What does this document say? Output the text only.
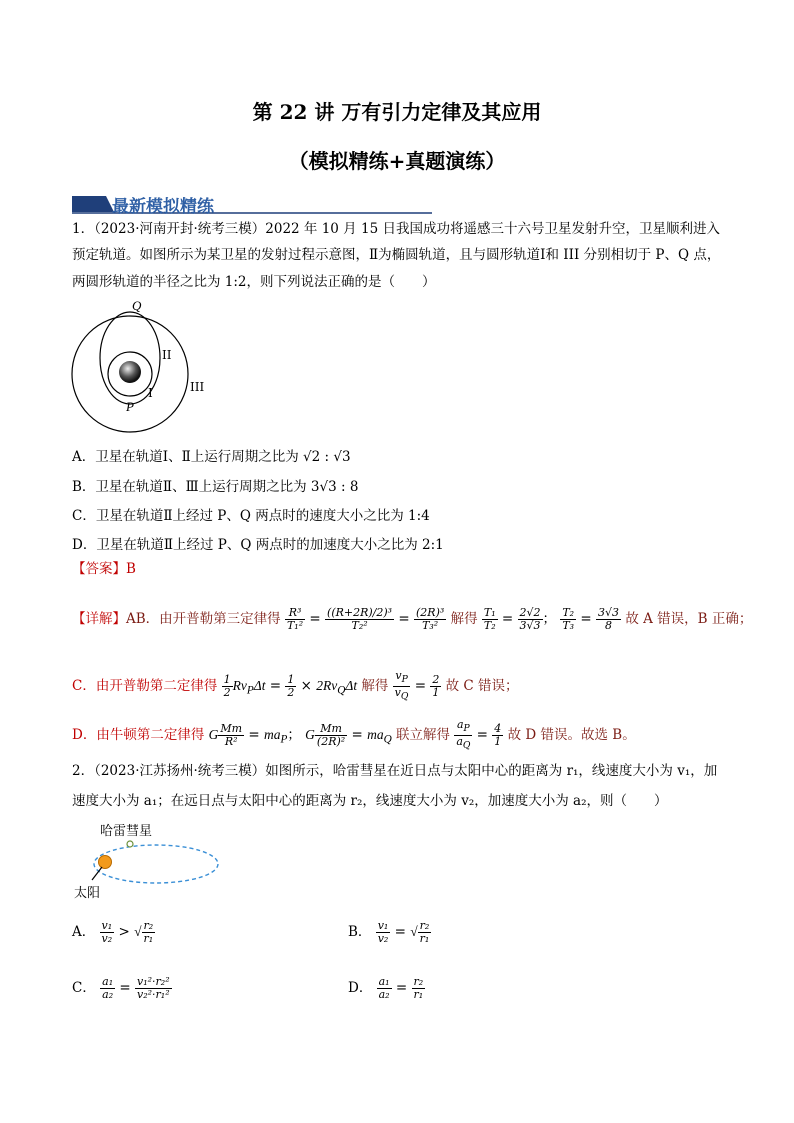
第 22 讲 万有引力定律及其应用
（模拟精练+真题演练）
最新模拟精练
1．（2023·河南开封·统考三模）2022 年 10 月 15 日我国成功将遥感三十六号卫星发射升空，卫星顺利进入
预定轨道。如图所示为某卫星的发射过程示意图，Ⅱ为椭圆轨道，且与圆形轨道Ⅰ和 III 分别相切于 P、Q 点，
两圆形轨道的半径之比为 1:2，则下列说法正确的是（　　）
Q
P
I
II
III
A．卫星在轨道Ⅰ、Ⅱ上运行周期之比为 √2 : √3
B．卫星在轨道Ⅱ、Ⅲ上运行周期之比为 3√3 : 8
C．卫星在轨道Ⅱ上经过 P、Q 两点时的速度大小之比为 1:4
D．卫星在轨道Ⅱ上经过 P、Q 两点时的加速度大小之比为 2:1
【答案】B
【详解】AB．由开普勒第三定律得 $\frac{\text{R³}}{\text{T₁²}} = \frac{\text{((R+2R)/2)³}}{\text{T₂²}} = \frac{\text{(2R)³}}{\text{T₃²}}$ 解得 $\frac{\text{T₁}}{\text{T₂}} = \frac{2√2}{3√3}$ ； $\frac{\text{T₂}}{\text{T₃}} = \frac{3√3}{8}$ 故 A 错误，B 正确；
C．由开普勒第二定律得 $\frac{1}{2} Rv_P\Delta t = \frac{1}{2} \times 2Rv_Q\Delta t$ 解得 $\frac{v_P}{v_Q} = \frac{2}{1}$ 故 C 错误；
D．由牛顿第二定律得 G $\frac{Mm}{\text{R²}} = ma_P$； G $\frac{Mm}{\text{(2R)²}} = ma_Q$ 联立解得 $\frac{a_P}{a_Q} = \frac{4}{1}$ 故 D 错误。故选 B。
2．（2023·江苏扬州·统考三模）如图所示，哈雷彗星在近日点与太阳中心的距离为 r₁，线速度大小为 v₁，加
速度大小为 a₁；在远日点与太阳中心的距离为 r₂，线速度大小为 v₂，加速度大小为 a₂，则（　　）
哈雷彗星
太阳
A． $\frac{\text{v₁}}{\text{v₂}}$ > √ $\frac{\text{r₂}}{\text{r₁}}$	B． $\frac{\text{v₁}}{\text{v₂}}$ = √ $\frac{\text{r₂}}{\text{r₁}}$
C． $\frac{\text{a₁}}{\text{a₂}} = \frac{\text{v₁²·r₂²}}{\text{v₂²·r₁²}}$	D． $\frac{\text{a₁}}{\text{a₂}} = \frac{\text{r₂}}{\text{r₁}}$
